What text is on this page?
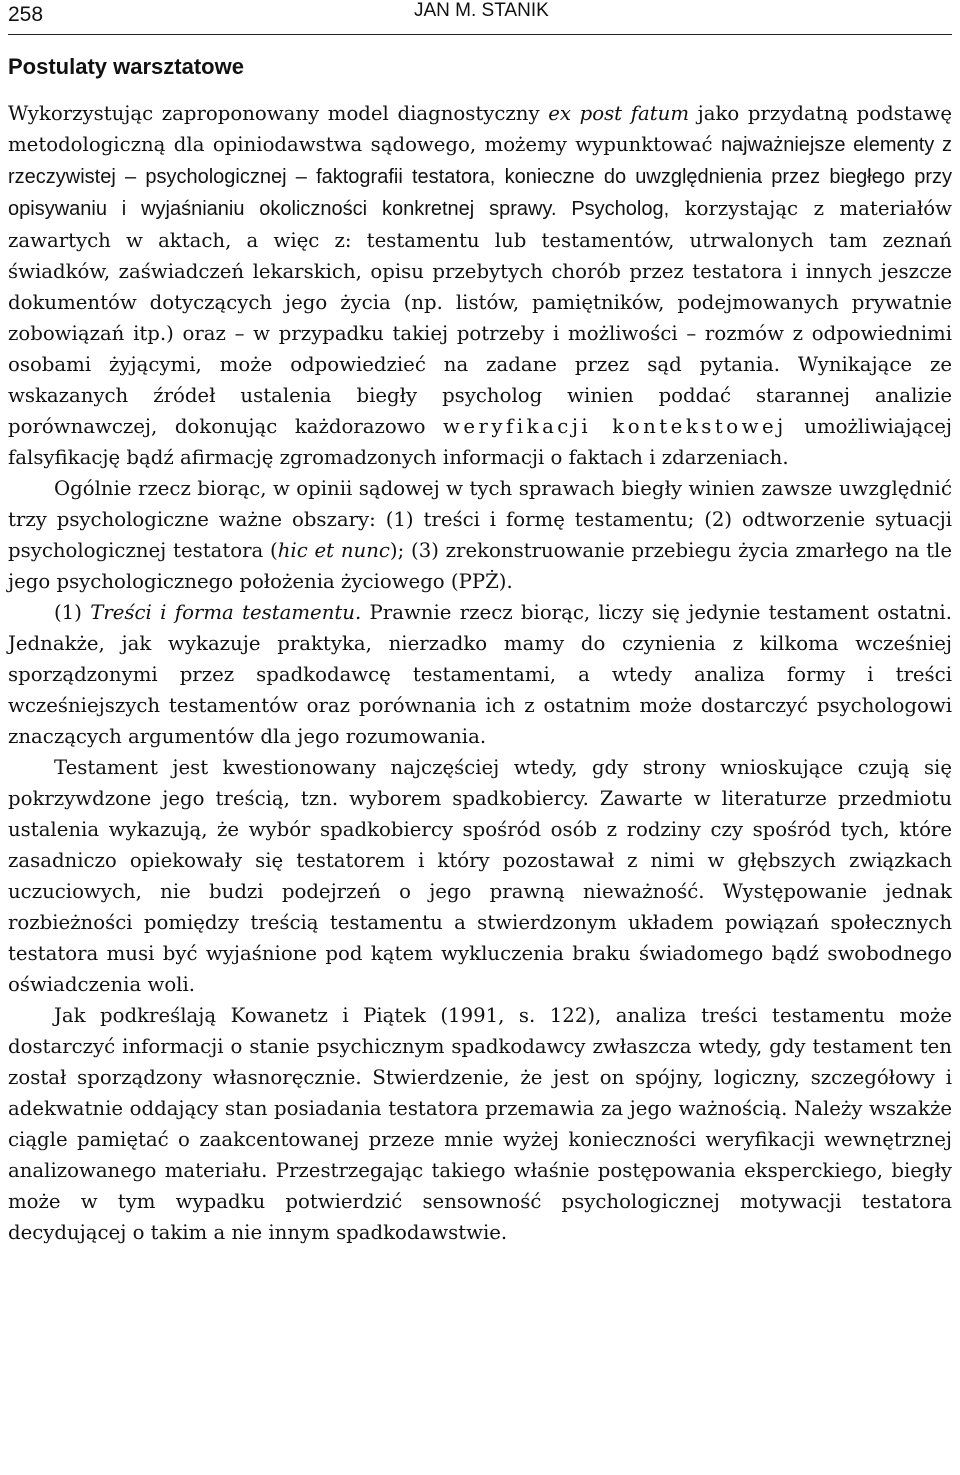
258	JAN M. STANIK
Postulaty warsztatowe

Wykorzystując zaproponowany model diagnostyczny ex post fatum jako przydatną podstawę metodologiczną dla opiniodawstwa sądowego, możemy wypunktować najważniejsze elementy z rzeczywistej – psychologicznej – faktografii testatora, konieczne do uwzględnienia przez biegłego przy opisywaniu i wyjaśnianiu okoliczności konkretnej sprawy. Psycholog, korzystając z materiałów zawartych w aktach, a więc z: testamentu lub testamentów, utrwalonych tam zeznań świadków, zaświadczeń lekarskich, opisu przebytych chorób przez testatora i innych jeszcze dokumentów dotyczących jego życia (np. listów, pamiętników, podejmowanych prywatnie zobowiązań itp.) oraz – w przypadku takiej potrzeby i możliwości – rozmów z odpowiednimi osobami żyjącymi, może odpowiedzieć na zadane przez sąd pytania. Wynikające ze wskazanych źródeł ustalenia biegły psycholog winien poddać starannej analizie porównawczej, dokonując każdorazowo weryfikacji kontekstowej umożliwiającej falsyfikację bądź afirmację zgromadzonych informacji o faktach i zdarzeniach.

Ogólnie rzecz biorąc, w opinii sądowej w tych sprawach biegły winien zawsze uwzględnić trzy psychologiczne ważne obszary: (1) treści i formę testamentu; (2) odtworzenie sytuacji psychologicznej testatora (hic et nunc); (3) zrekonstruowanie przebiegu życia zmarłego na tle jego psychologicznego położenia życiowego (PPŻ).

(1) Treści i forma testamentu. Prawnie rzecz biorąc, liczy się jedynie testament ostatni. Jednakże, jak wykazuje praktyka, nierzadko mamy do czynienia z kilkoma wcześniej sporządzonymi przez spadkodawcę testamentami, a wtedy analiza formy i treści wcześniejszych testamentów oraz porównania ich z ostatnim może dostarczyć psychologowi znaczących argumentów dla jego rozumowania.

Testament jest kwestionowany najczęściej wtedy, gdy strony wnioskujące czują się pokrzywdzone jego treścią, tzn. wyborem spadkobiercy. Zawarte w literaturze przedmiotu ustalenia wykazują, że wybór spadkobiercy spośród osób z rodziny czy spośród tych, które zasadniczo opiekowały się testatorem i który pozostawał z nimi w głębszych związkach uczuciowych, nie budzi podejrzeń o jego prawną nieważność. Występowanie jednak rozbieżności pomiędzy treścią testamentu a stwierdzonym układem powiązań społecznych testatora musi być wyjaśnione pod kątem wykluczenia braku świadomego bądź swobodnego oświadczenia woli.

Jak podkreślają Kowanetz i Piątek (1991, s. 122), analiza treści testamentu może dostarczyć informacji o stanie psychicznym spadkodawcy zwłaszcza wtedy, gdy testament ten został sporządzony własnoręcznie. Stwierdzenie, że jest on spójny, logiczny, szczegółowy i adekwatnie oddający stan posiadania testatora przemawia za jego ważnością. Należy wszakże ciągle pamiętać o zaakcentowanej przeze mnie wyżej konieczności weryfikacji wewnętrznej analizowanego materiału. Przestrzegając takiego właśnie postępowania eksperckiego, biegły może w tym wypadku potwierdzić sensowność psychologicznej motywacji testatora decydującej o takim a nie innym spadkodawstwie.
